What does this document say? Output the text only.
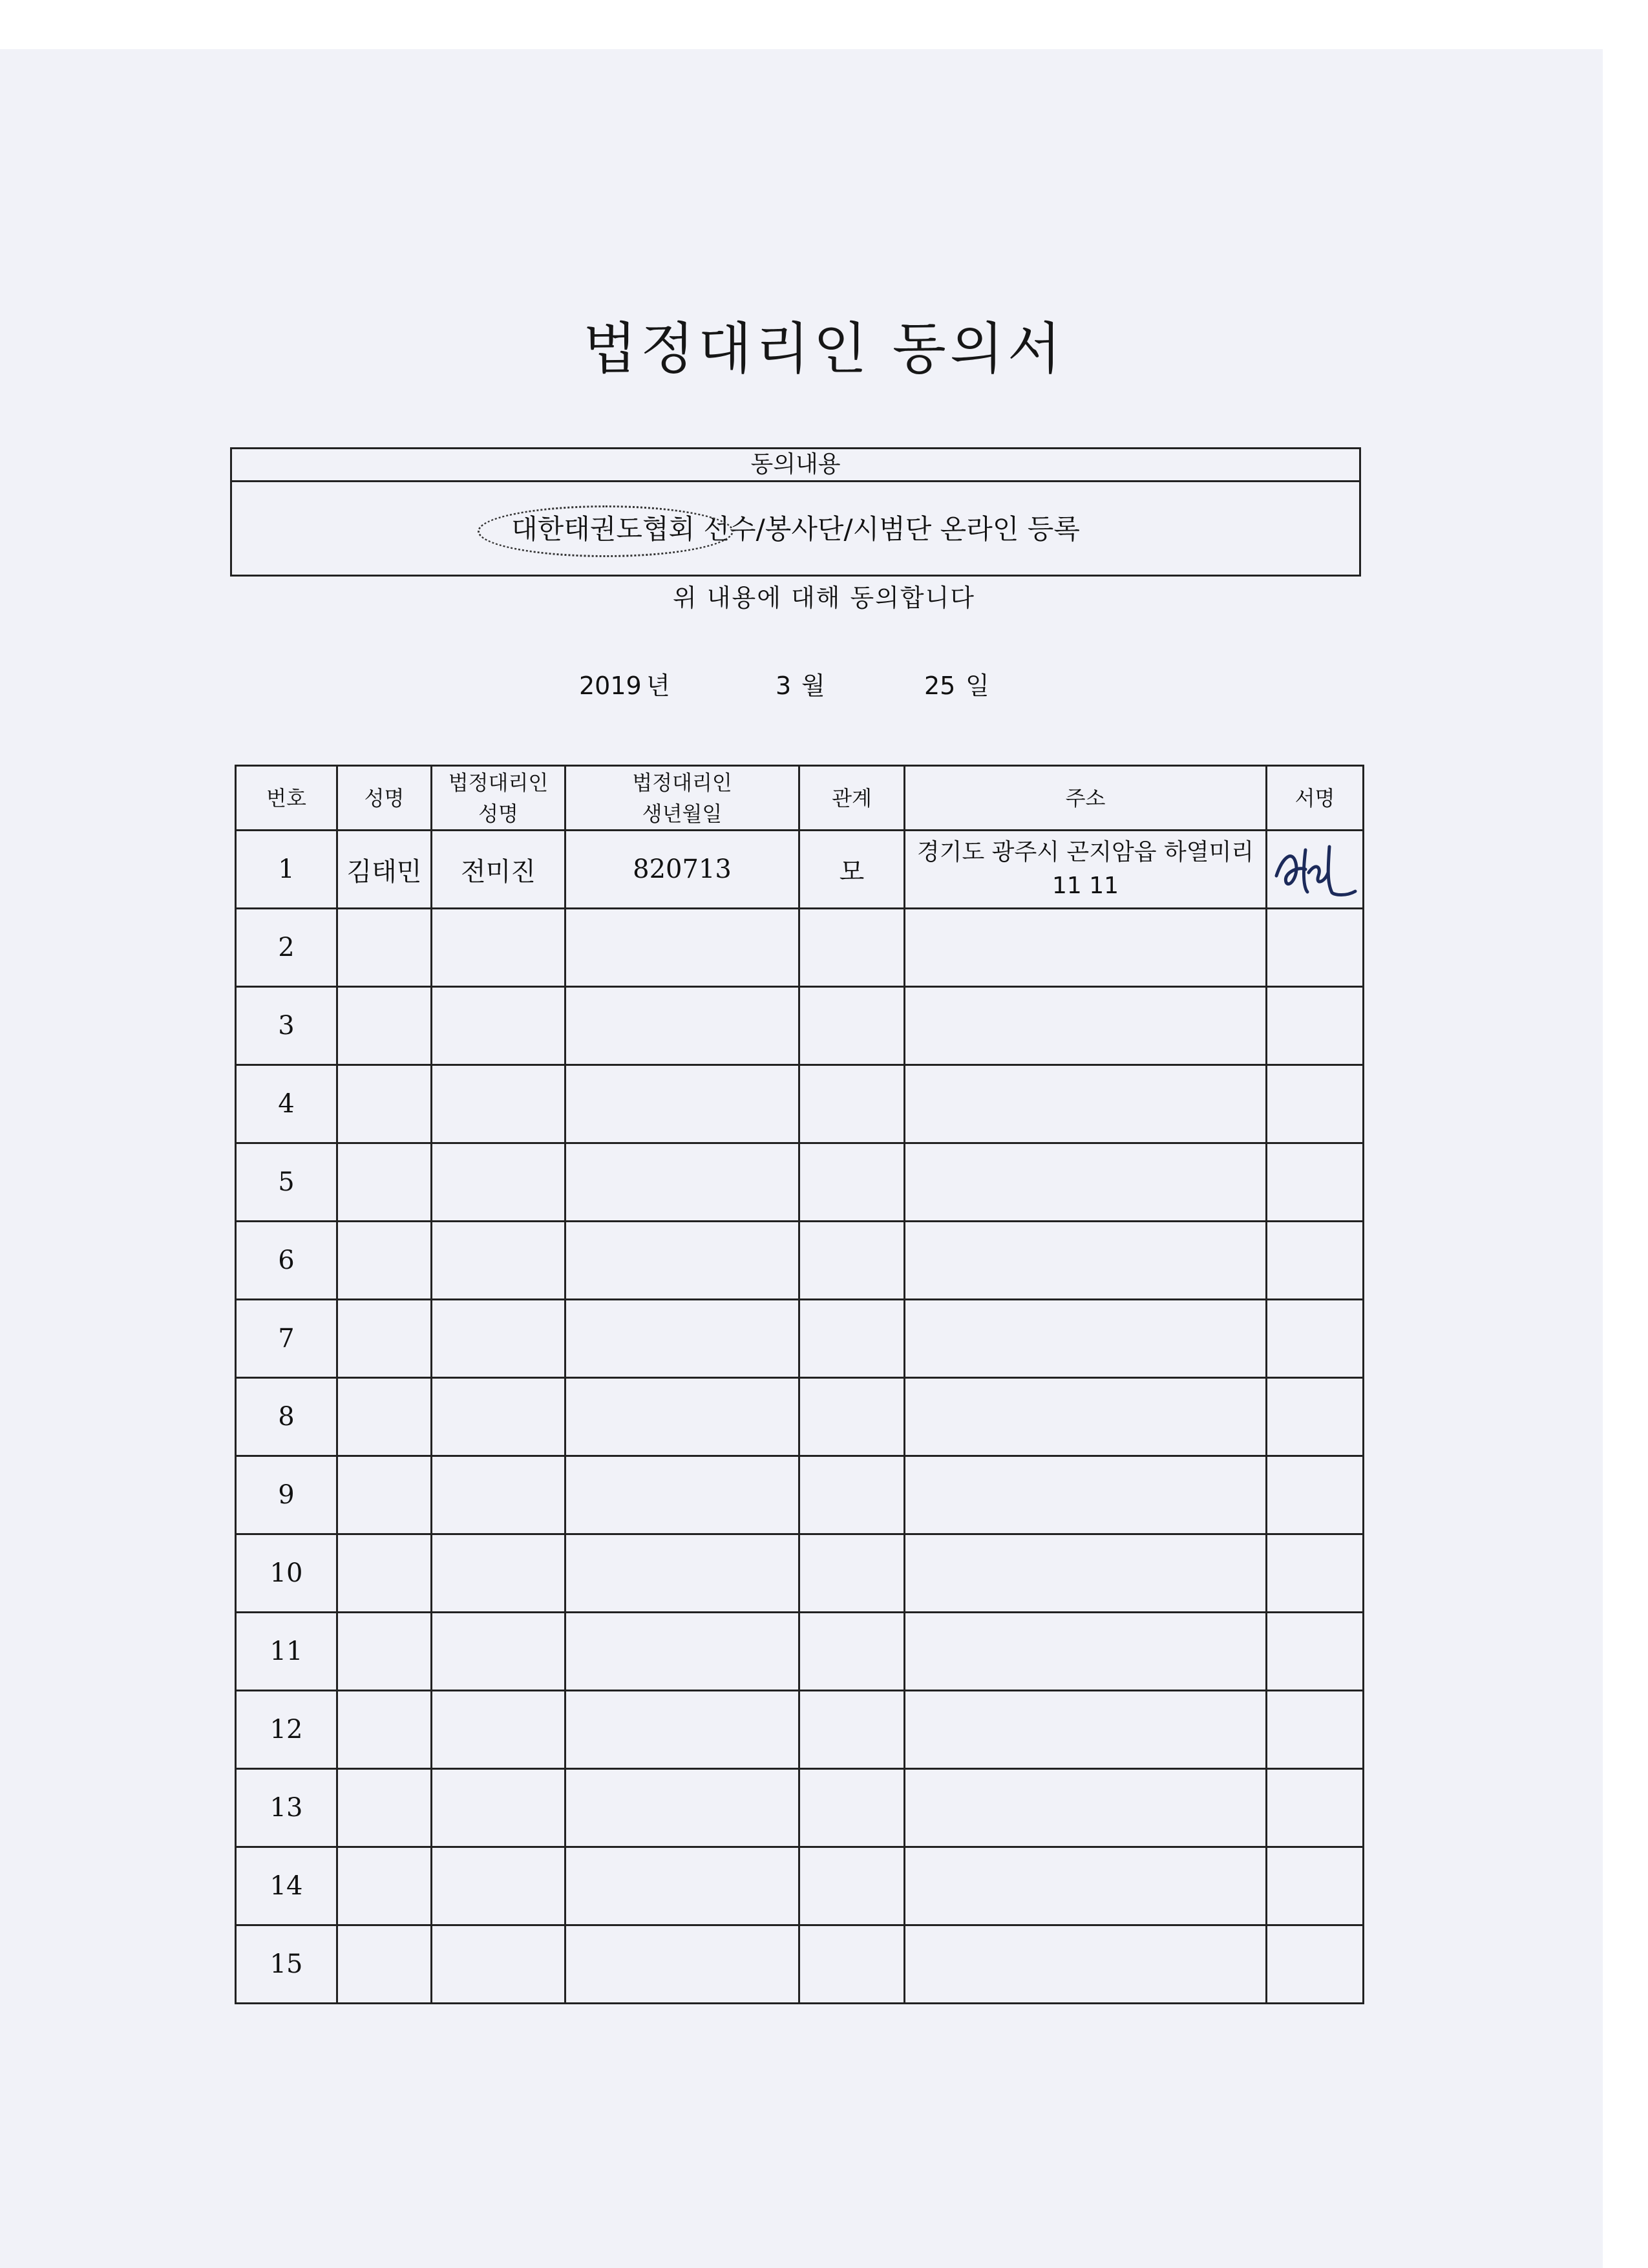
법정대리인 동의서
동의내용
대한태권도협회 선수/봉사단/시범단 온라인 등록
위 내용에 대해 동의합니다
2019 년	3 월	25 일
번호	성명	법정대리인 성명	법정대리인 생년월일	관계	주소	서명
1	김태민	전미진	820713	모	경기도 광주시 곤지암읍 하열미리 11 11	

2						
3						
4						
5						
6						
7						
8						
9						
10						
11						
12						
13						
14						
15						
